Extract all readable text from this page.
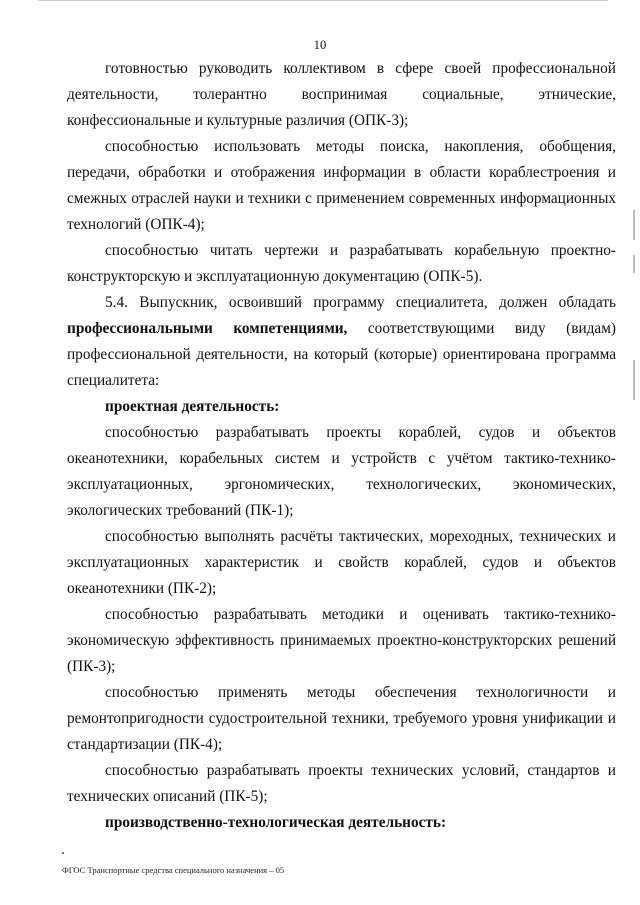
10

готовностью руководить коллективом в сфере своей профессиональной деятельности, толерантно воспринимая социальные, этнические, конфессиональные и культурные различия (ОПК-3);

способностью использовать методы поиска, накопления, обобщения, передачи, обработки и отображения информации в области кораблестроения и смежных отраслей науки и техники с применением современных информационных технологий (ОПК-4);

способностью читать чертежи и разрабатывать корабельную проектно-конструкторскую и эксплуатационную документацию (ОПК-5).

5.4. Выпускник, освоивший программу специалитета, должен обладать профессиональными компетенциями, соответствующими виду (видам) профессиональной деятельности, на который (которые) ориентирована программа специалитета:

проектная деятельность:

способностью разрабатывать проекты кораблей, судов и объектов океанотехники, корабельных систем и устройств с учётом тактико-технико-эксплуатационных, эргономических, технологических, экономических, экологических требований (ПК-1);

способностью выполнять расчёты тактических, мореходных, технических и эксплуатационных характеристик и свойств кораблей, судов и объектов океанотехники (ПК-2);

способностью разрабатывать методики и оценивать тактико-технико-экономическую эффективность принимаемых проектно-конструкторских решений (ПК-3);

способностью применять методы обеспечения технологичности и ремонтопригодности судостроительной техники, требуемого уровня унификации и стандартизации (ПК-4);

способностью разрабатывать проекты технических условий, стандартов и технических описаний (ПК-5);

производственно-технологическая деятельность:

ФГОС Транспортные средства специального назначения – 05
